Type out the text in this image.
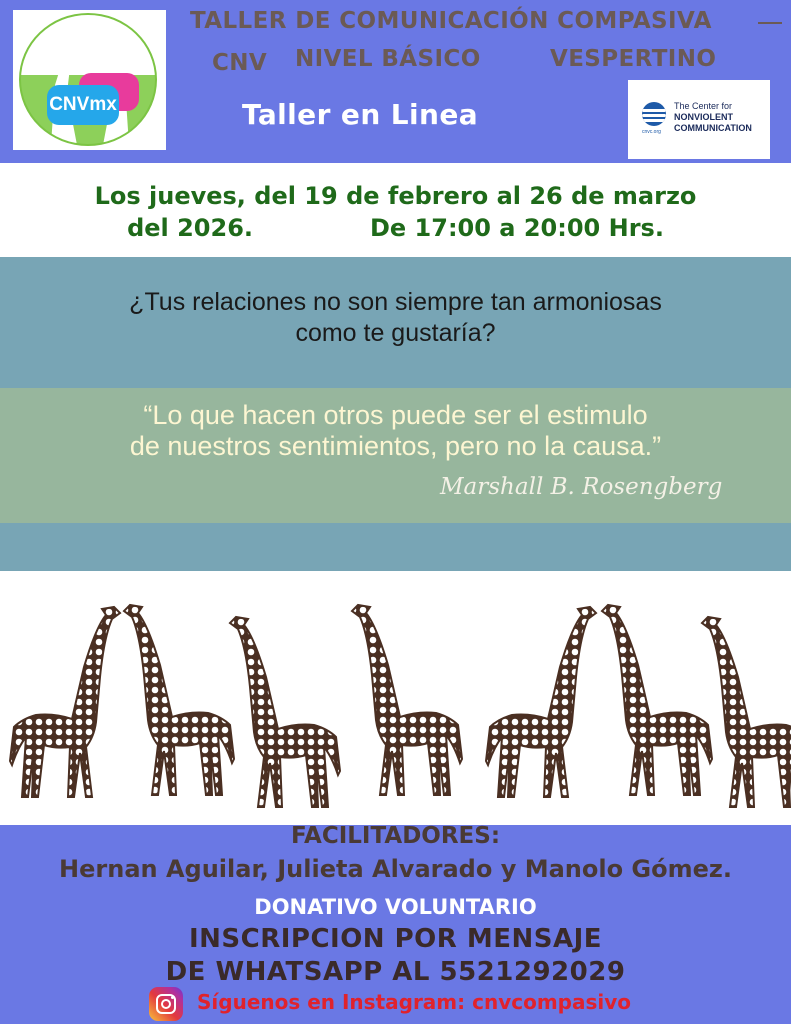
CNVmx
TALLER DE COMUNICACIÓN COMPASIVA
CNV NIVEL BÁSICO	VESPERTINO
Taller en Linea
cnvc.org
The Center for
NONVIOLENT
COMMUNICATION
Los jueves, del 19 de febrero al 26 de marzo
del 2026.	De 17:00 a 20:00 Hrs.
¿Tus relaciones no son siempre tan armoniosas
como te gustaría?
“Lo que hacen otros puede ser el estimulo
de nuestros sentimientos, pero no la causa.”
Marshall B. Rosengberg
FACILITADORES:
Hernan Aguilar, Julieta Alvarado y Manolo Gómez.
DONATIVO VOLUNTARIO
INSCRIPCION POR MENSAJE
DE WHATSAPP AL 5521292029
Síguenos en Instagram: cnvcompasivo
